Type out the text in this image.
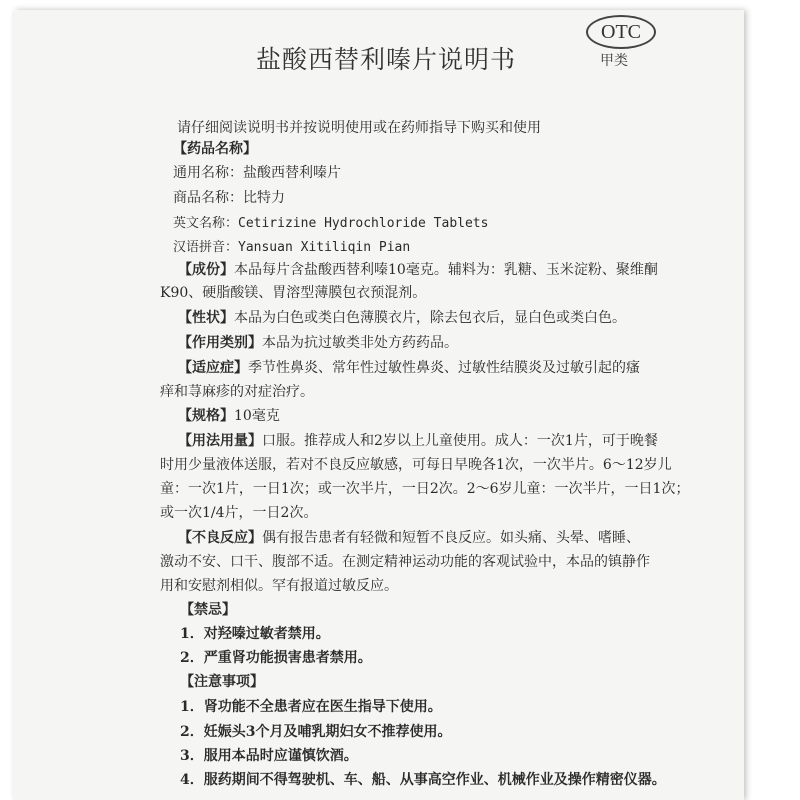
OTC
甲类
盐酸西替利嗪片说明书
请仔细阅读说明书并按说明使用或在药师指导下购买和使用
【药品名称】
通用名称：盐酸西替利嗪片
商品名称：比特力
英文名称：Cetirizine Hydrochloride Tablets
汉语拼音：Yansuan Xitiliqin Pian
【成份】本品每片含盐酸西替利嗪10毫克。辅料为：乳糖、玉米淀粉、聚维酮
K90、硬脂酸镁、胃溶型薄膜包衣预混剂。
【性状】本品为白色或类白色薄膜衣片，除去包衣后，显白色或类白色。
【作用类别】本品为抗过敏类非处方药药品。
【适应症】季节性鼻炎、常年性过敏性鼻炎、过敏性结膜炎及过敏引起的瘙
痒和荨麻疹的对症治疗。
【规格】10毫克
【用法用量】口服。推荐成人和2岁以上儿童使用。成人：一次1片，可于晚餐
时用少量液体送服，若对不良反应敏感，可每日早晚各1次，一次半片。6～12岁儿
童：一次1片，一日1次；或一次半片，一日2次。2～6岁儿童：一次半片，一日1次；
或一次1/4片，一日2次。
【不良反应】偶有报告患者有轻微和短暂不良反应。如头痛、头晕、嗜睡、
激动不安、口干、腹部不适。在测定精神运动功能的客观试验中，本品的镇静作
用和安慰剂相似。罕有报道过敏反应。
【禁忌】
1．对羟嗪过敏者禁用。
2．严重肾功能损害患者禁用。
【注意事项】
1．肾功能不全患者应在医生指导下使用。
2．妊娠头3个月及哺乳期妇女不推荐使用。
3．服用本品时应谨慎饮酒。
4．服药期间不得驾驶机、车、船、从事高空作业、机械作业及操作精密仪器。
